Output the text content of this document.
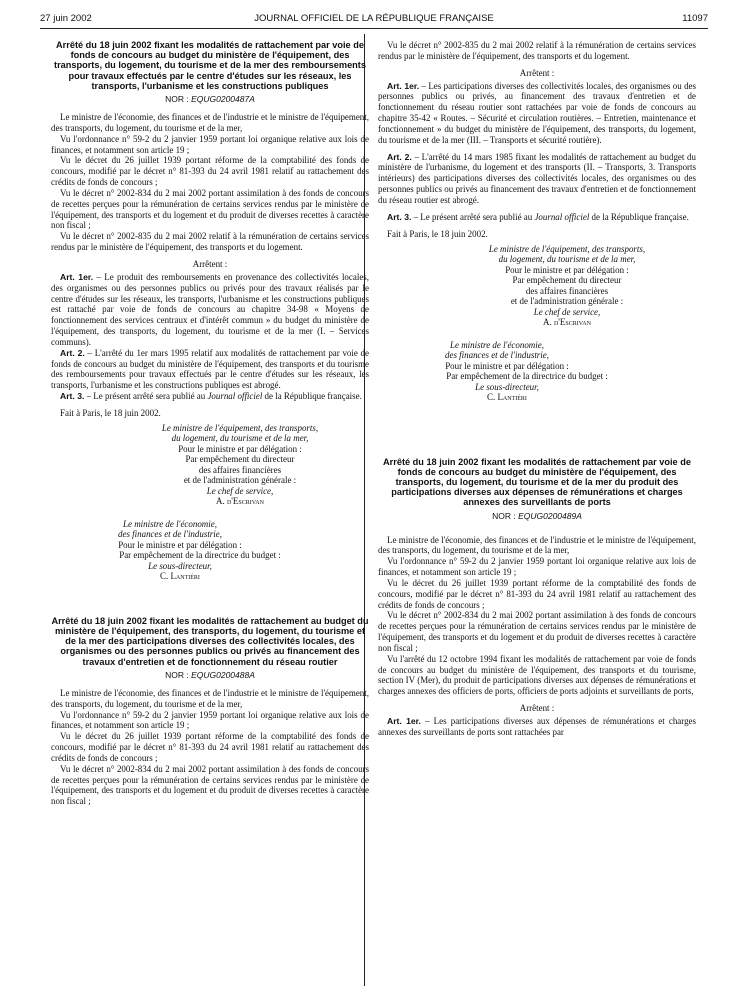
27 juin 2002	JOURNAL OFFICIEL DE LA RÉPUBLIQUE FRANÇAISE	11097
Arrêté du 18 juin 2002 fixant les modalités de rattachement par voie de fonds de concours au budget du ministère de l'équipement, des transports, du logement, du tourisme et de la mer des remboursements pour travaux effectués par le centre d'études sur les réseaux, les transports, l'urbanisme et les constructions publiques
NOR : EQUG0200487A

Le ministre de l'économie, des finances et de l'industrie et le ministre de l'équipement, des transports, du logement, du tourisme et de la mer,

Vu l'ordonnance n° 59-2 du 2 janvier 1959 portant loi organique relative aux lois de finances, et notamment son article 19 ;

Vu le décret du 26 juillet 1939 portant réforme de la comptabilité des fonds de concours, modifié par le décret n° 81-393 du 24 avril 1981 relatif au rattachement des crédits de fonds de concours ;

Vu le décret n° 2002-834 du 2 mai 2002 portant assimilation à des fonds de concours de recettes perçues pour la rémunération de certains services rendus par le ministère de l'équipement, des transports et du logement et du produit de diverses recettes à caractère non fiscal ;

Vu le décret n° 2002-835 du 2 mai 2002 relatif à la rémunération de certains services rendus par le ministère de l'équipement, des transports et du logement.

Arrêtent :

Art. 1er. – Le produit des remboursements en provenance des collectivités locales, des organismes ou des personnes publics ou privés pour des travaux réalisés par le centre d'études sur les réseaux, les transports, l'urbanisme et les constructions publiques est rattaché par voie de fonds de concours au chapitre 34-98 « Moyens de fonctionnement des services centraux et d'intérêt commun » du budget du ministère de l'équipement, des transports, du logement, du tourisme et de la mer (I. – Services communs).

Art. 2. – L'arrêté du 1er mars 1995 relatif aux modalités de rattachement par voie de fonds de concours au budget du ministère de l'équipement, des transports et du tourisme des remboursements pour travaux effectués par le centre d'études sur les réseaux, les transports, l'urbanisme et les constructions publiques est abrogé.

Art. 3. – Le présent arrêté sera publié au Journal officiel de la République française.

Fait à Paris, le 18 juin 2002.

Le ministre de l'équipement, des transports,
du logement, du tourisme et de la mer,
Pour le ministre et par délégation :
Par empêchement du directeur
des affaires financières
et de l'administration générale :
Le chef de service,
A. d'Escrivan
Le ministre de l'économie,
des finances et de l'industrie,
Pour le ministre et par délégation :
Par empêchement de la directrice du budget :
Le sous-directeur,
C. Lantiéri
Arrêté du 18 juin 2002 fixant les modalités de rattachement au budget du ministère de l'équipement, des transports, du logement, du tourisme et de la mer des participations diverses des collectivités locales, des organismes ou des personnes publics ou privés au financement des travaux d'entretien et de fonctionnement du réseau routier
NOR : EQUG0200488A

Le ministre de l'économie, des finances et de l'industrie et le ministre de l'équipement, des transports, du logement, du tourisme et de la mer,

Vu l'ordonnance n° 59-2 du 2 janvier 1959 portant loi organique relative aux lois de finances, et notamment son article 19 ;

Vu le décret du 26 juillet 1939 portant réforme de la comptabilité des fonds de concours, modifié par le décret n° 81-393 du 24 avril 1981 relatif au rattachement des crédits de fonds de concours ;

Vu le décret n° 2002-834 du 2 mai 2002 portant assimilation à des fonds de concours de recettes perçues pour la rémunération de certains services rendus par le ministère de l'équipement, des transports et du logement et du produit de diverses recettes à caractère non fiscal ;

Vu le décret n° 2002-835 du 2 mai 2002 relatif à la rémunération de certains services rendus par le ministère de l'équipement, des transports et du logement.

Arrêtent :

Art. 1er. – Les participations diverses des collectivités locales, des organismes ou des personnes publics ou privés, au financement des travaux d'entretien et de fonctionnement du réseau routier sont rattachées par voie de fonds de concours au chapitre 35-42 « Routes. – Sécurité et circulation routières. – Entretien, maintenance et fonctionnement » du budget du ministère de l'équipement, des transports, du logement, du tourisme et de la mer (III. – Transports et sécurité routière).

Art. 2. – L'arrêté du 14 mars 1985 fixant les modalités de rattachement au budget du ministère de l'urbanisme, du logement et des transports (II. – Transports, 3. Transports intérieurs) des participations diverses des collectivités locales, des organismes ou des personnes publics ou privés au financement des travaux d'entretien et de fonctionnement du réseau routier est abrogé.

Art. 3. – Le présent arrêté sera publié au Journal officiel de la République française.

Fait à Paris, le 18 juin 2002.

Le ministre de l'équipement, des transports,
du logement, du tourisme et de la mer,
Pour le ministre et par délégation :
Par empêchement du directeur
des affaires financières
et de l'administration générale :
Le chef de service,
A. d'Escrivan
Le ministre de l'économie,
des finances et de l'industrie,
Pour le ministre et par délégation :
Par empêchement de la directrice du budget :
Le sous-directeur,
C. Lantiéri
Arrêté du 18 juin 2002 fixant les modalités de rattachement par voie de fonds de concours au budget du ministère de l'équipement, des transports, du logement, du tourisme et de la mer du produit des participations diverses aux dépenses de rémunérations et charges annexes des surveillants de ports
NOR : EQUG0200489A

Le ministre de l'économie, des finances et de l'industrie et le ministre de l'équipement, des transports, du logement, du tourisme et de la mer,

Vu l'ordonnance n° 59-2 du 2 janvier 1959 portant loi organique relative aux lois de finances, et notamment son article 19 ;

Vu le décret du 26 juillet 1939 portant réforme de la comptabilité des fonds de concours, modifié par le décret n° 81-393 du 24 avril 1981 relatif au rattachement des crédits de fonds de concours ;

Vu le décret n° 2002-834 du 2 mai 2002 portant assimilation à des fonds de concours de recettes perçues pour la rémunération de certains services rendus par le ministère de l'équipement, des transports et du logement et du produit de diverses recettes à caractère non fiscal ;

Vu l'arrêté du 12 octobre 1994 fixant les modalités de rattachement par voie de fonds de concours au budget du ministère de l'équipement, des transports et du tourisme, section IV (Mer), du produit de participations diverses aux dépenses de rémunérations et charges annexes des officiers de ports, officiers de ports adjoints et surveillants de ports,

Arrêtent :

Art. 1er. – Les participations diverses aux dépenses de rémunérations et charges annexes des surveillants de ports sont rattachées par
